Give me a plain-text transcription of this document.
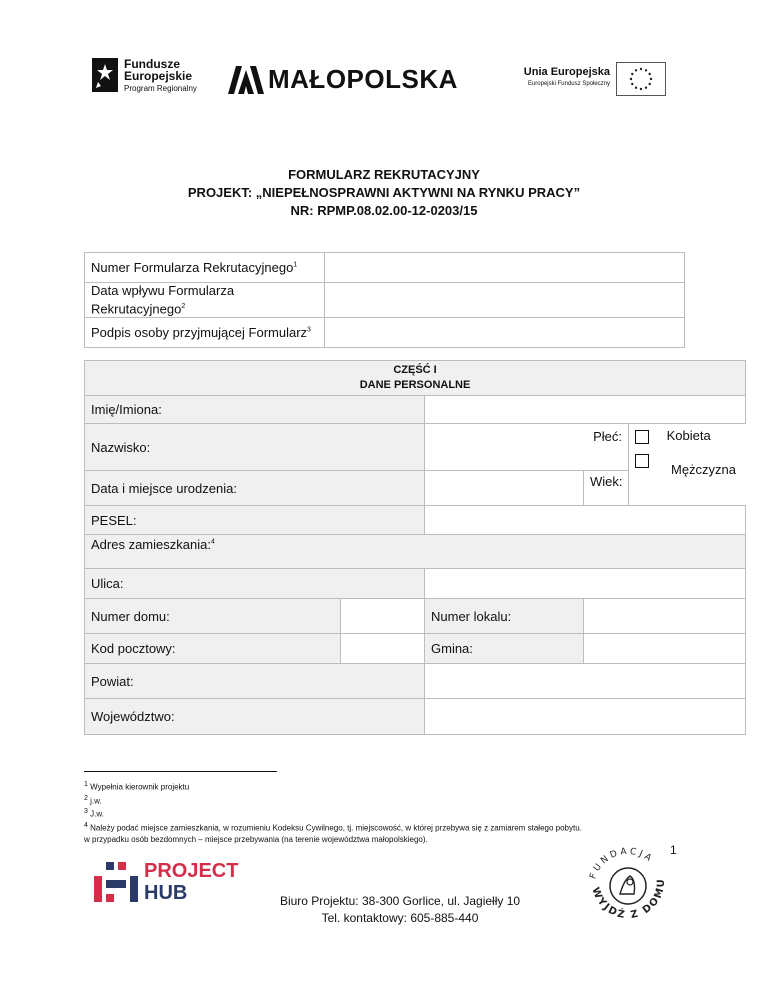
Fundusze
Europejskie
Program Regionalny	MAŁOPOLSKA	Unia Europejska
Europejski Fundusz Społeczny
FORMULARZ REKRUTACYJNY
PROJEKT: „NIEPEŁNOSPRAWNI AKTYWNI NA RYNKU PRACY”
NR: RPMP.08.02.00-12-0203/15
Numer Formularza Rekrutacyjnego$^1$	
Data wpływu Formularza
Rekrutacyjnego$^2$	
Podpis osoby przyjmującej Formularz$^3$	
CZĘŚĆ I
DANE PERSONALNE				

Imię/Imiona:				
Nazwisko:		Płeć:		Kobieta
Mężczyzna

Data i miejsce urodzenia:			Wiek:	
PESEL:				
Adres zamieszkania:$^4$
Ulica:				
Numer domu:		Numer lokalu:		
Kod pocztowy:		Gmina:		
Powiat:				
Województwo:				
$^1$ Wypełnia kierownik projektu
$^2$ j.w.
$^3$ J.w.
$^4$ Należy podać miejsce zamieszkania, w rozumieniu Kodeksu Cywilnego, tj. miejscowość, w której przebywa się z zamiarem stałego pobytu.
w przypadku osób bezdomnych – miejsce przebywania (na terenie województwa małopolskiego).
1
PROJECT
HUB	Biuro Projektu: 38-300 Gorlice, ul. Jagiełły 10
Tel. kontaktowy: 605-885-440
FUNDACJA
WYJDŹ Z DOMU
